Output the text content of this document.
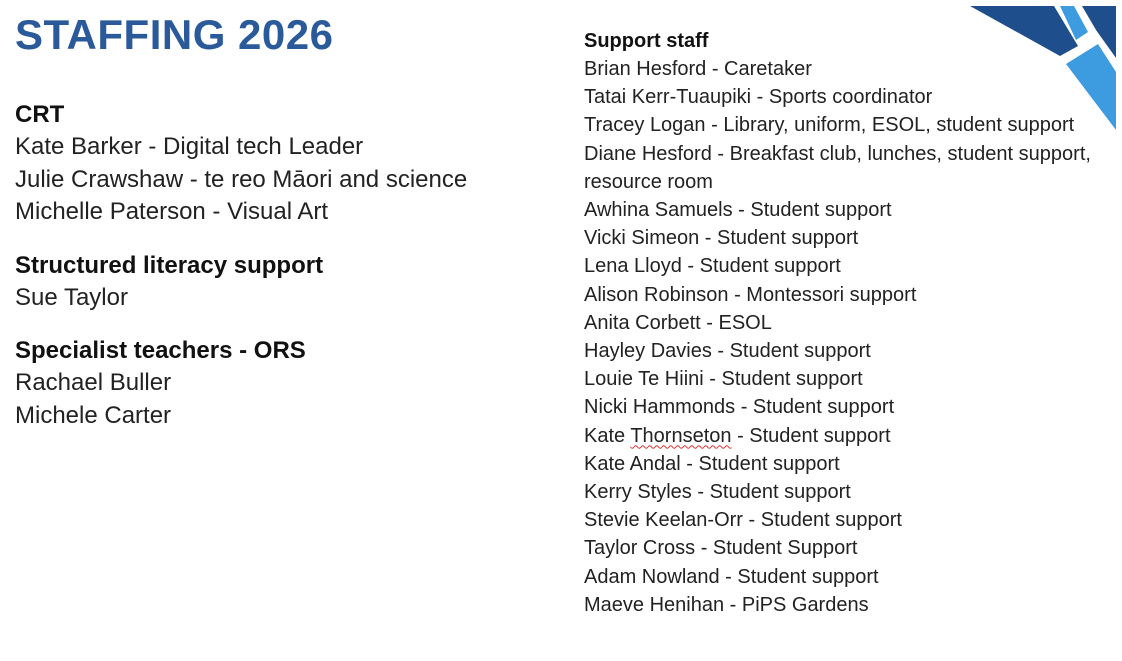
STAFFING 2026
CRT
Kate Barker - Digital tech Leader
Julie Crawshaw - te reo Māori and science
Michelle Paterson - Visual Art
Structured literacy support
Sue Taylor
Specialist teachers - ORS
Rachael Buller
Michele Carter
Support staff
Brian Hesford - Caretaker
Tatai Kerr-Tuaupiki - Sports coordinator
Tracey Logan - Library, uniform, ESOL, student support
Diane Hesford - Breakfast club, lunches, student support, resource room
Awhina Samuels - Student support
Vicki Simeon - Student support
Lena Lloyd - Student support
Alison Robinson - Montessori support
Anita Corbett - ESOL
Hayley Davies - Student support
Louie Te Hiini - Student support
Nicki Hammonds - Student support
Kate Thornseton - Student support
Kate Andal - Student support
Kerry Styles - Student support
Stevie Keelan-Orr - Student support
Taylor Cross - Student Support
Adam Nowland - Student support
Maeve Henihan - PiPS Gardens
